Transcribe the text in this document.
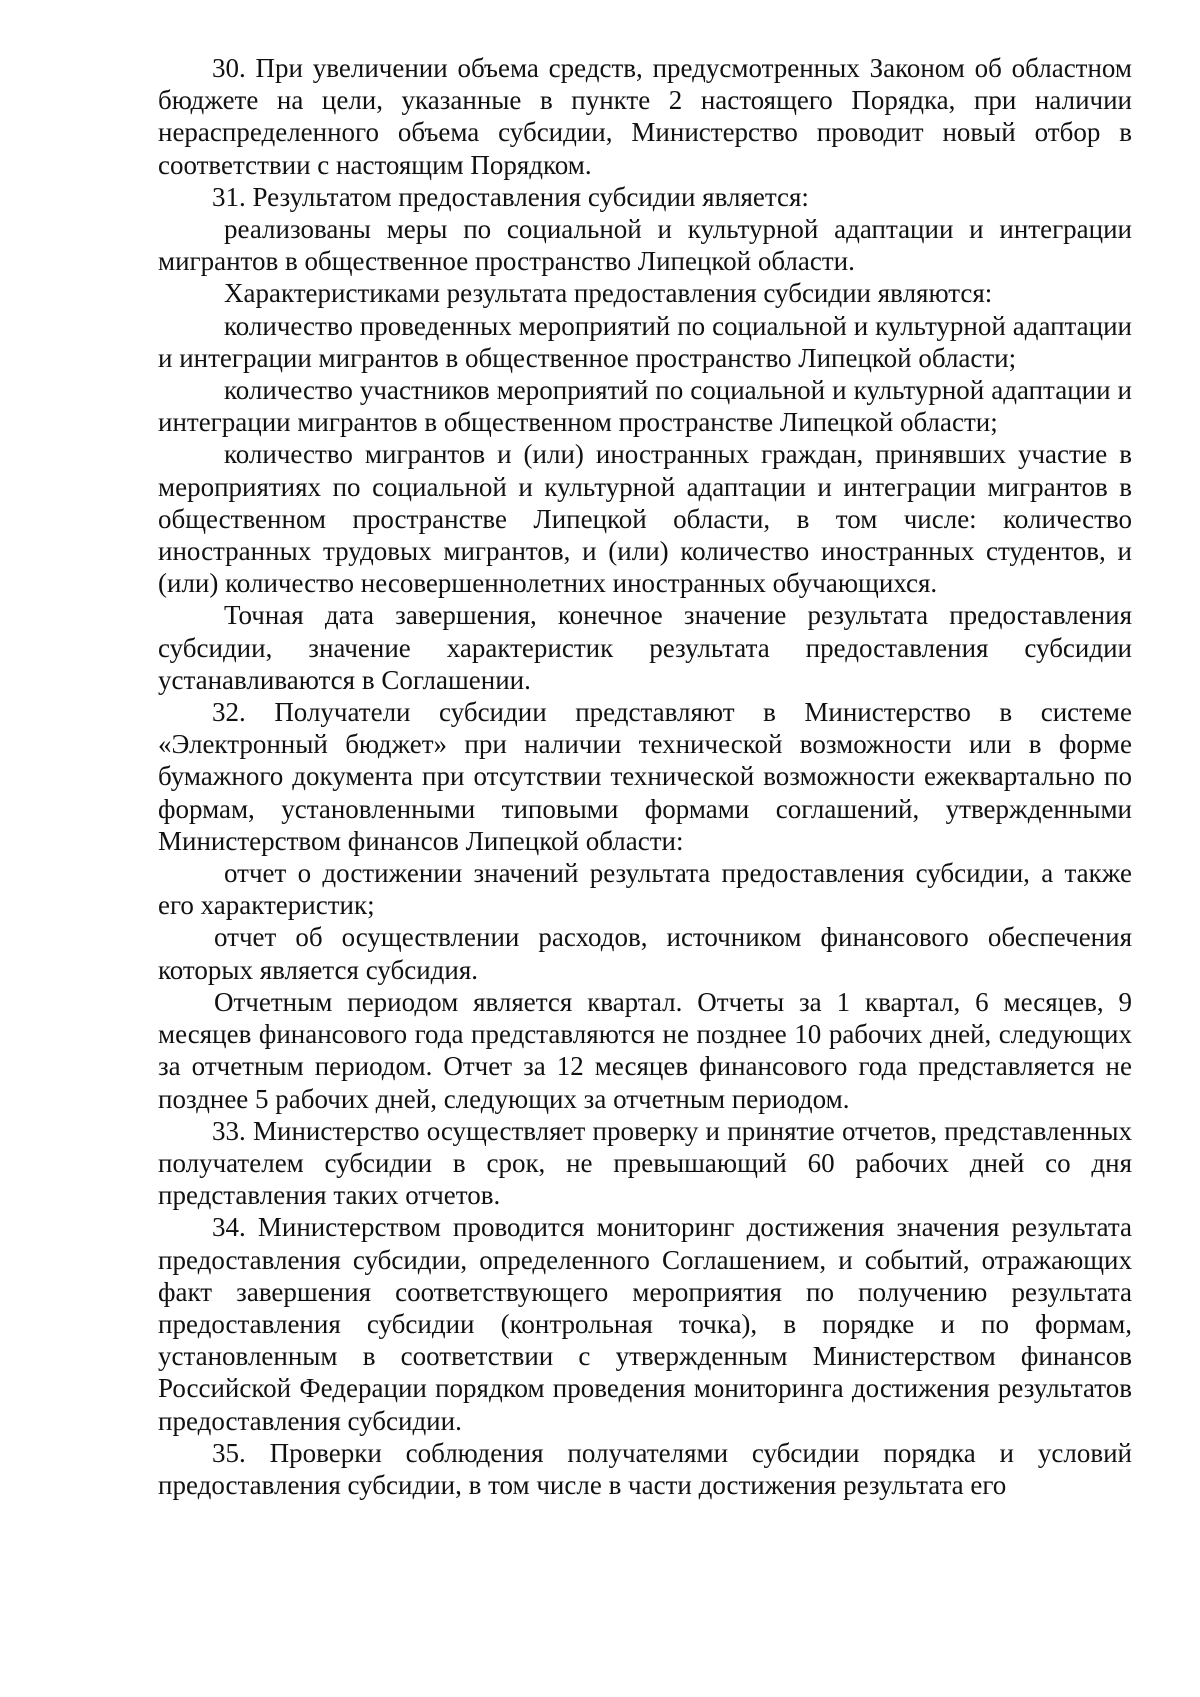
30. При увеличении объема средств, предусмотренных Законом об областном бюджете на цели, указанные в пункте 2 настоящего Порядка, при наличии нераспределенного объема субсидии, Министерство проводит новый отбор в соответствии с настоящим Порядком.

31. Результатом предоставления субсидии является:

реализованы меры по социальной и культурной адаптации и интеграции мигрантов в общественное пространство Липецкой области.

Характеристиками результата предоставления субсидии являются:

количество проведенных мероприятий по социальной и культурной адаптации и интеграции мигрантов в общественное пространство Липецкой области;

количество участников мероприятий по социальной и культурной адаптации и интеграции мигрантов в общественном пространстве Липецкой области;

количество мигрантов и (или) иностранных граждан, принявших участие в мероприятиях по социальной и культурной адаптации и интеграции мигрантов в общественном пространстве Липецкой области, в том числе: количество иностранных трудовых мигрантов, и (или) количество иностранных студентов, и (или) количество несовершеннолетних иностранных обучающихся.

Точная дата завершения, конечное значение результата предоставления субсидии, значение характеристик результата предоставления субсидии устанавливаются в Соглашении.

32. Получатели субсидии представляют в Министерство в системе «Электронный бюджет» при наличии технической возможности или в форме бумажного документа при отсутствии технической возможности ежеквартально по формам, установленными типовыми формами соглашений, утвержденными Министерством финансов Липецкой области:

отчет о достижении значений результата предоставления субсидии, а также его характеристик;

отчет об осуществлении расходов, источником финансового обеспечения которых является субсидия.

Отчетным периодом является квартал. Отчеты за 1 квартал, 6 месяцев, 9 месяцев финансового года представляются не позднее 10 рабочих дней, следующих за отчетным периодом. Отчет за 12 месяцев финансового года представляется не позднее 5 рабочих дней, следующих за отчетным периодом.

33. Министерство осуществляет проверку и принятие отчетов, представленных получателем субсидии в срок, не превышающий 60 рабочих дней со дня представления таких отчетов.

34. Министерством проводится мониторинг достижения значения результата предоставления субсидии, определенного Соглашением, и событий, отражающих факт завершения соответствующего мероприятия по получению результата предоставления субсидии (контрольная точка), в порядке и по формам, установленным в соответствии с утвержденным Министерством финансов Российской Федерации порядком проведения мониторинга достижения результатов предоставления субсидии.

35. Проверки соблюдения получателями субсидии порядка и условий предоставления субсидии, в том числе в части достижения результата его
